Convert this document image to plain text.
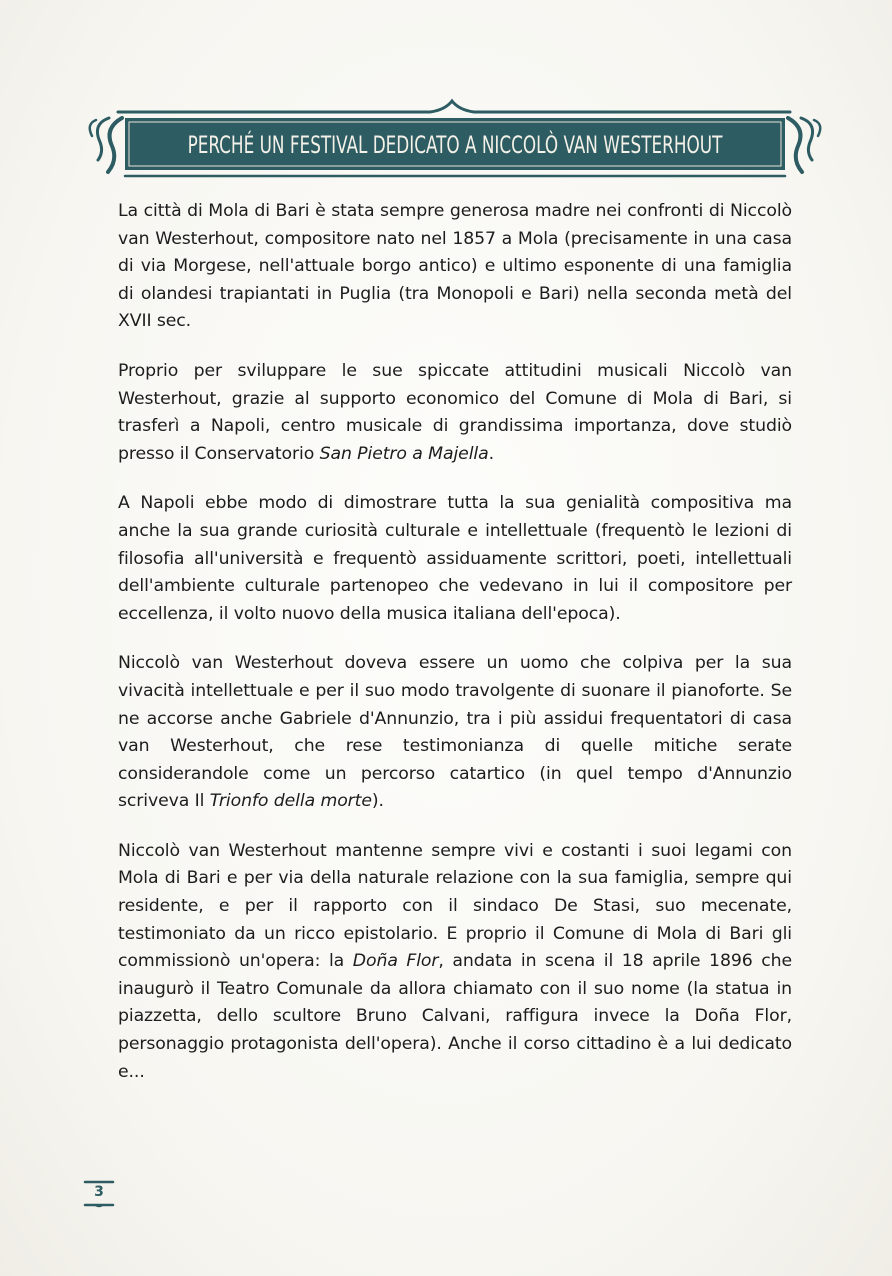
PERCHÉ UN FESTIVAL DEDICATO A NICCOLÒ VAN WESTERHOUT

La città di Mola di Bari è stata sempre generosa madre nei confronti di Niccolò van Westerhout, compositore nato nel 1857 a Mola (precisamente in una casa di via Morgese, nell'attuale borgo antico) e ultimo esponente di una famiglia di olandesi trapiantati in Puglia (tra Monopoli e Bari) nella seconda metà del XVII sec.

Proprio per sviluppare le sue spiccate attitudini musicali Niccolò van Westerhout, grazie al supporto economico del Comune di Mola di Bari, si trasferì a Napoli, centro musicale di grandissima importanza, dove studiò presso il Conservatorio San Pietro a Majella.

A Napoli ebbe modo di dimostrare tutta la sua genialità compositiva ma anche la sua grande curiosità culturale e intellettuale (frequentò le lezioni di filosofia all'università e frequentò assiduamente scrittori, poeti, intellettuali dell'ambiente culturale partenopeo che vedevano in lui il compositore per eccellenza, il volto nuovo della musica italiana dell'epoca).

Niccolò van Westerhout doveva essere un uomo che colpiva per la sua vivacità intellettuale e per il suo modo travolgente di suonare il pianoforte. Se ne accorse anche Gabriele d'Annunzio, tra i più assidui frequentatori di casa van Westerhout, che rese testimonianza di quelle mitiche serate considerandole come un percorso catartico (in quel tempo d'Annunzio scriveva Il Trionfo della morte).

Niccolò van Westerhout mantenne sempre vivi e costanti i suoi legami con Mola di Bari e per via della naturale relazione con la sua famiglia, sempre qui residente, e per il rapporto con il sindaco De Stasi, suo mecenate, testimoniato da un ricco epistolario. E proprio il Comune di Mola di Bari gli commissionò un'opera: la Doña Flor, andata in scena il 18 aprile 1896 che inaugurò il Teatro Comunale da allora chiamato con il suo nome (la statua in piazzetta, dello scultore Bruno Calvani, raffigura invece la Doña Flor, personaggio protagonista dell'opera). Anche il corso cittadino è a lui dedicato e...

3
